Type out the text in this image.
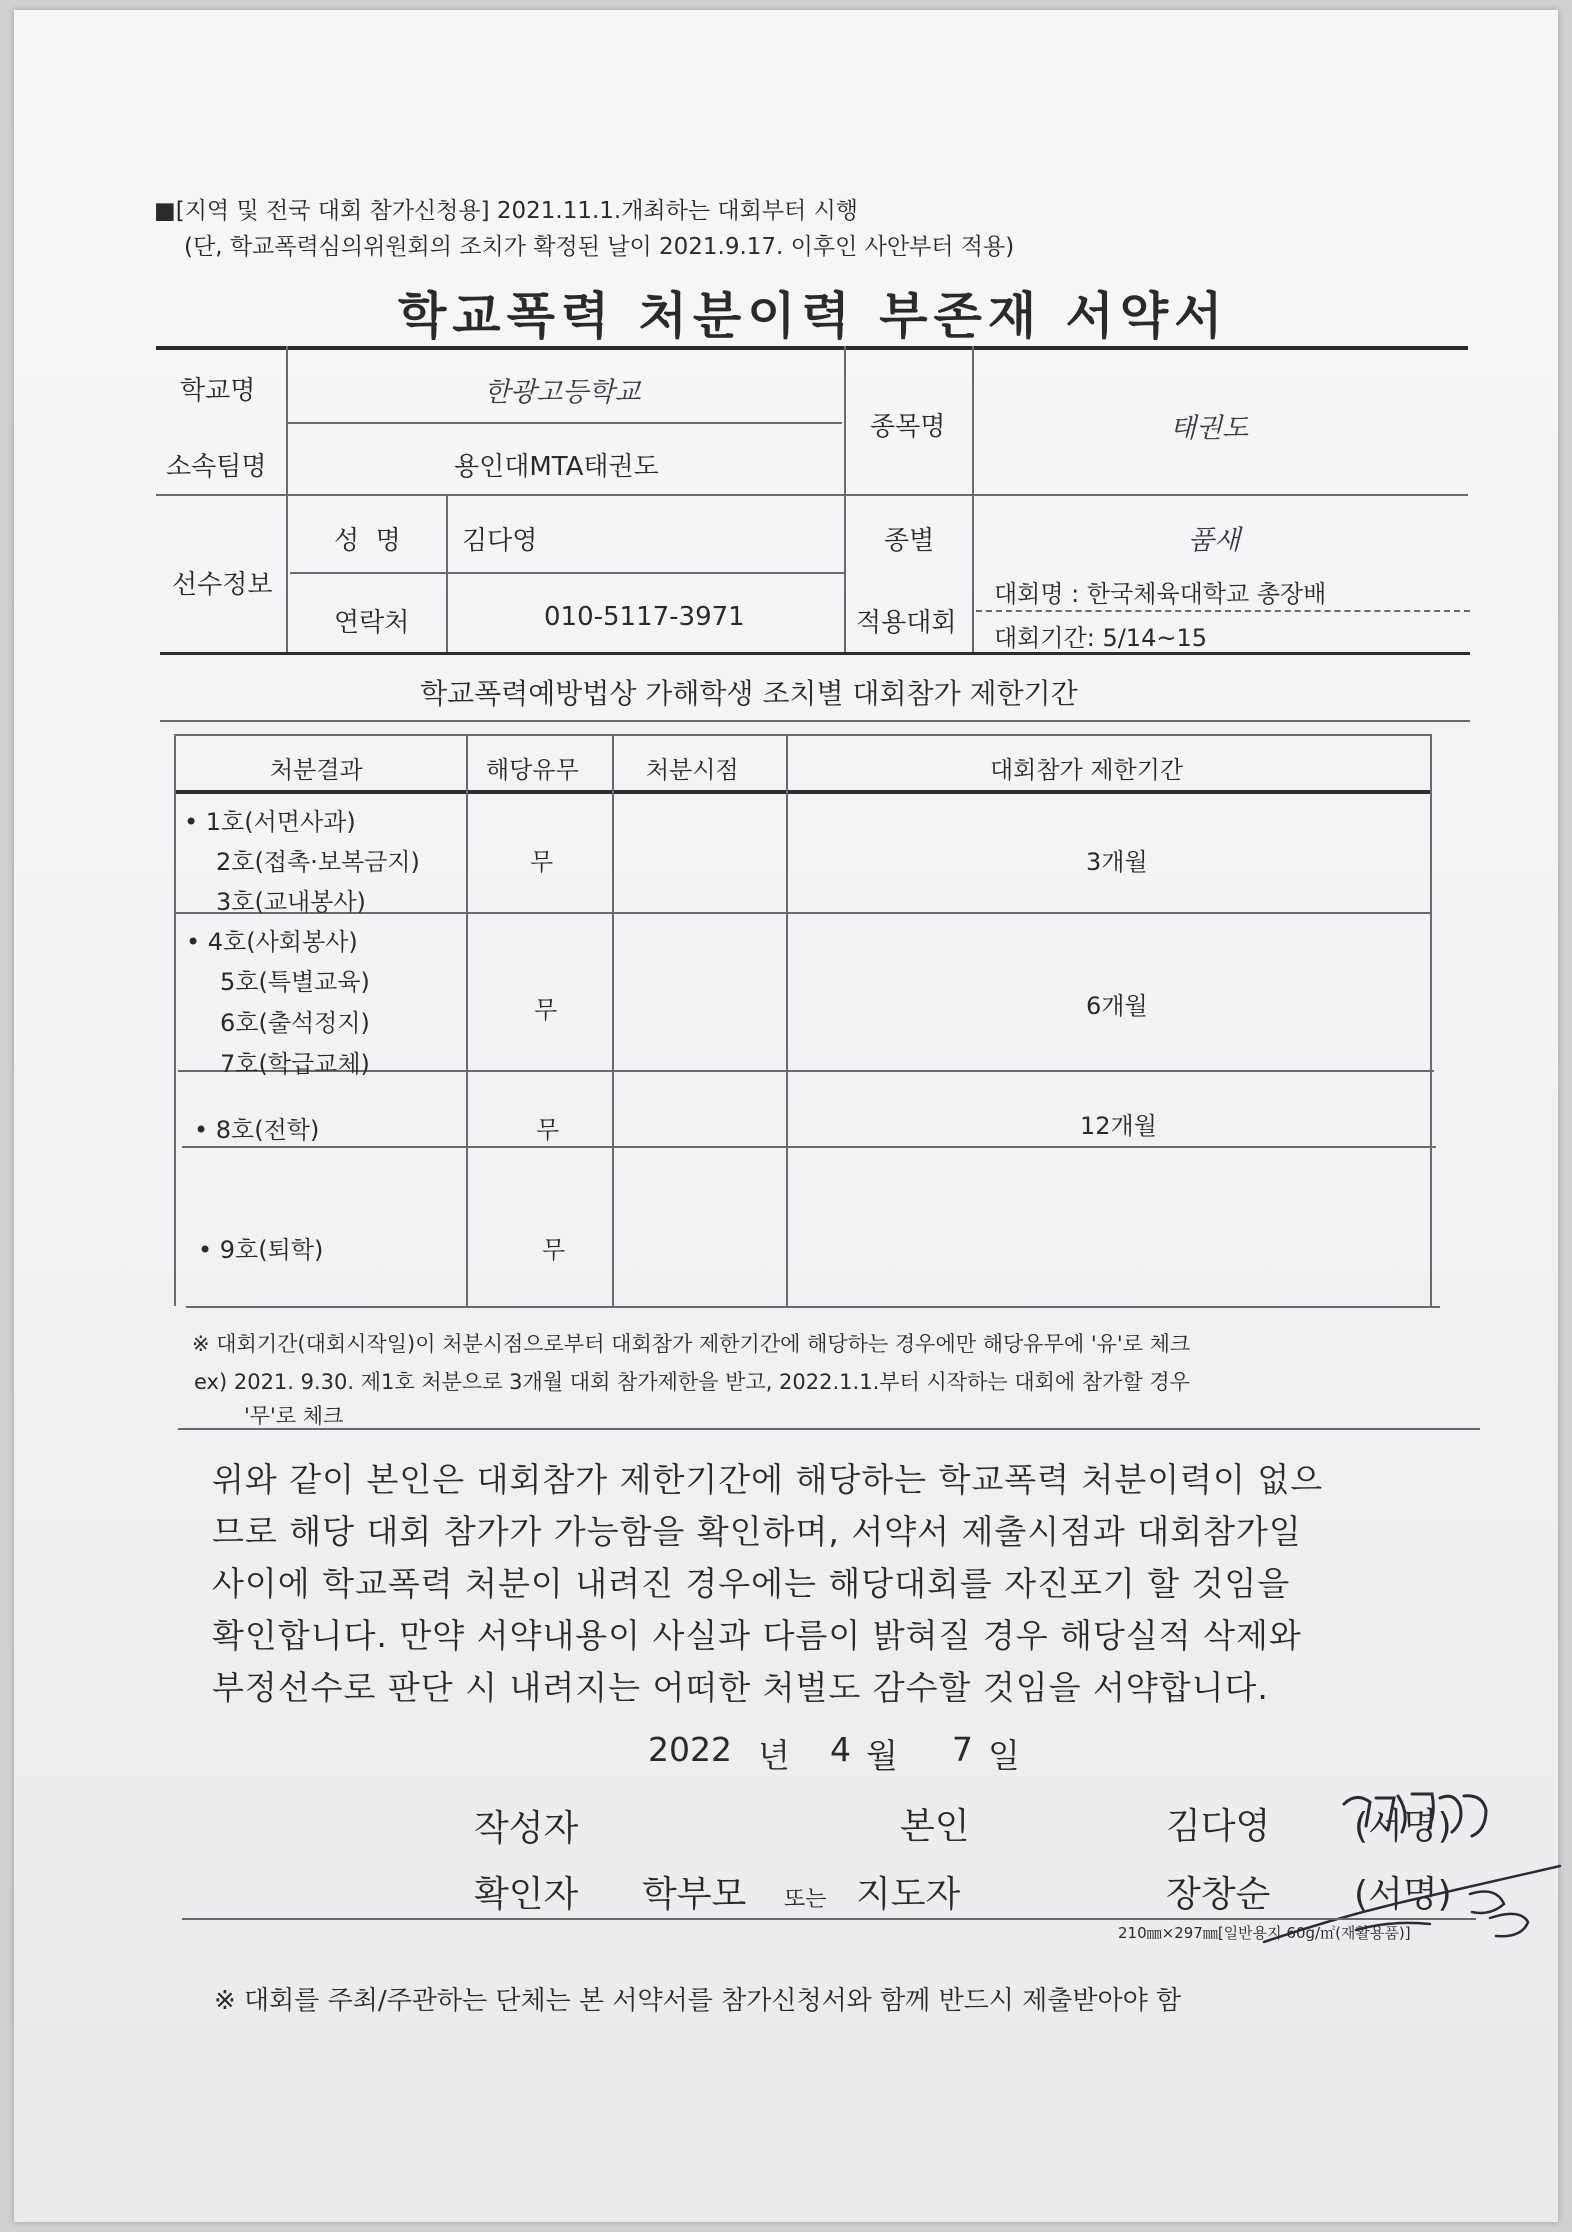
■[지역 및 전국 대회 참가신청용] 2021.11.1.개최하는 대회부터 시행
(단, 학교폭력심의위원회의 조치가 확정된 날이 2021.9.17. 이후인 사안부터 적용)
학교폭력 처분이력 부존재 서약서
학교명	한광고등학교
소속팀명	용인대MTA태권도
종목명	태권도
선수정보
성  명 김다영	종별	품새
연락처	010-5117-3971	적용대회
대회명 : 한국체육대학교 총장배
대회기간: 5/14~15
학교폭력예방법상 가해학생 조치별 대회참가 제한기간
처분결과	해당유무	처분시점	대회참가 제한기간
• 1호(서면사과)
2호(접촉·보복금지)
3호(교내봉사)
무	3개월
• 4호(사회봉사)
5호(특별교육)
6호(출석정지)
7호(학급교체)
무	6개월
• 8호(전학)	무	12개월
• 9호(퇴학)	무
※ 대회기간(대회시작일)이 처분시점으로부터 대회참가 제한기간에 해당하는 경우에만 해당유무에 '유'로 체크
ex) 2021. 9.30. 제1호 처분으로 3개월 대회 참가제한을 받고, 2022.1.1.부터 시작하는 대회에 참가할 경우
'무'로 체크
위와 같이 본인은 대회참가 제한기간에 해당하는 학교폭력 처분이력이 없으
므로 해당 대회 참가가 가능함을 확인하며, 서약서 제출시점과 대회참가일
사이에 학교폭력 처분이 내려진 경우에는 해당대회를 자진포기 할 것임을
확인합니다. 만약 서약내용이 사실과 다름이 밝혀질 경우 해당실적 삭제와
부정선수로 판단 시 내려지는 어떠한 처벌도 감수할 것임을 서약합니다.
2022 년 4 월 7 일
작성자	본인	김다영 (서명)
확인자 학부모 또는 지도자	장창순 (서명)
210㎜×297㎜[일반용지 60g/㎡(재활용품)]
※ 대회를 주최/주관하는 단체는 본 서약서를 참가신청서와 함께 반드시 제출받아야 함
